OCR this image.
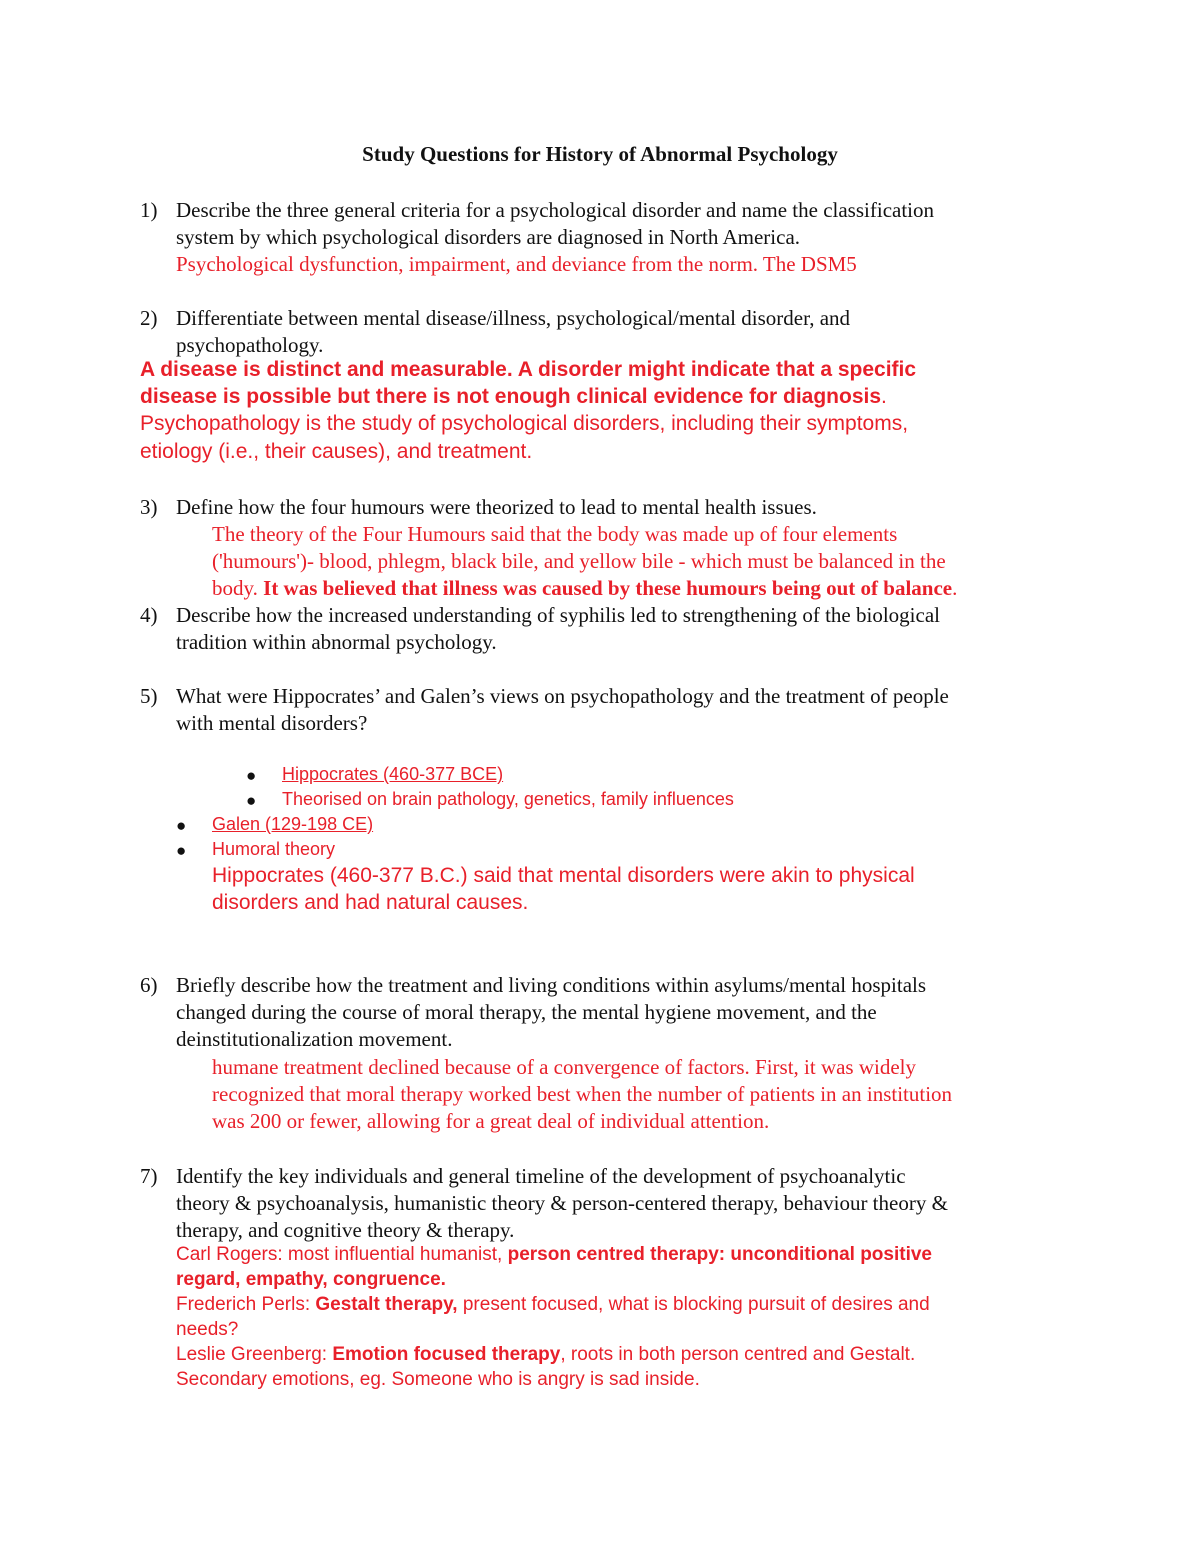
Study Questions for History of Abnormal Psychology
1) Describe the three general criteria for a psychological disorder and name the classification
system by which psychological disorders are diagnosed in North America.
Psychological dysfunction, impairment, and deviance from the norm. The DSM5
2) Differentiate between mental disease/illness, psychological/mental disorder, and
psychopathology.
A disease is distinct and measurable. A disorder might indicate that a specific
disease is possible but there is not enough clinical evidence for diagnosis.
Psychopathology is the study of psychological disorders, including their symptoms,
etiology (i.e., their causes), and treatment.
3) Define how the four humours were theorized to lead to mental health issues.
The theory of the Four Humours said that the body was made up of four elements
('humours')- blood, phlegm, black bile, and yellow bile - which must be balanced in the
body. It was believed that illness was caused by these humours being out of balance.
4) Describe how the increased understanding of syphilis led to strengthening of the biological
tradition within abnormal psychology.
5) What were Hippocrates’ and Galen’s views on psychopathology and the treatment of people
with mental disorders?
● Hippocrates (460-377 BCE)
● Theorised on brain pathology, genetics, family influences
● Galen (129-198 CE)
● Humoral theory
Hippocrates (460-377 B.C.) said that mental disorders were akin to physical
disorders and had natural causes.
6) Briefly describe how the treatment and living conditions within asylums/mental hospitals
changed during the course of moral therapy, the mental hygiene movement, and the
deinstitutionalization movement.
humane treatment declined because of a convergence of factors. First, it was widely
recognized that moral therapy worked best when the number of patients in an institution
was 200 or fewer, allowing for a great deal of individual attention.
7) Identify the key individuals and general timeline of the development of psychoanalytic
theory & psychoanalysis, humanistic theory & person-centered therapy, behaviour theory &
therapy, and cognitive theory & therapy.
Carl Rogers: most influential humanist, person centred therapy: unconditional positive
regard, empathy, congruence.
Frederich Perls: Gestalt therapy, present focused, what is blocking pursuit of desires and
needs?
Leslie Greenberg: Emotion focused therapy, roots in both person centred and Gestalt.
Secondary emotions, eg. Someone who is angry is sad inside.
